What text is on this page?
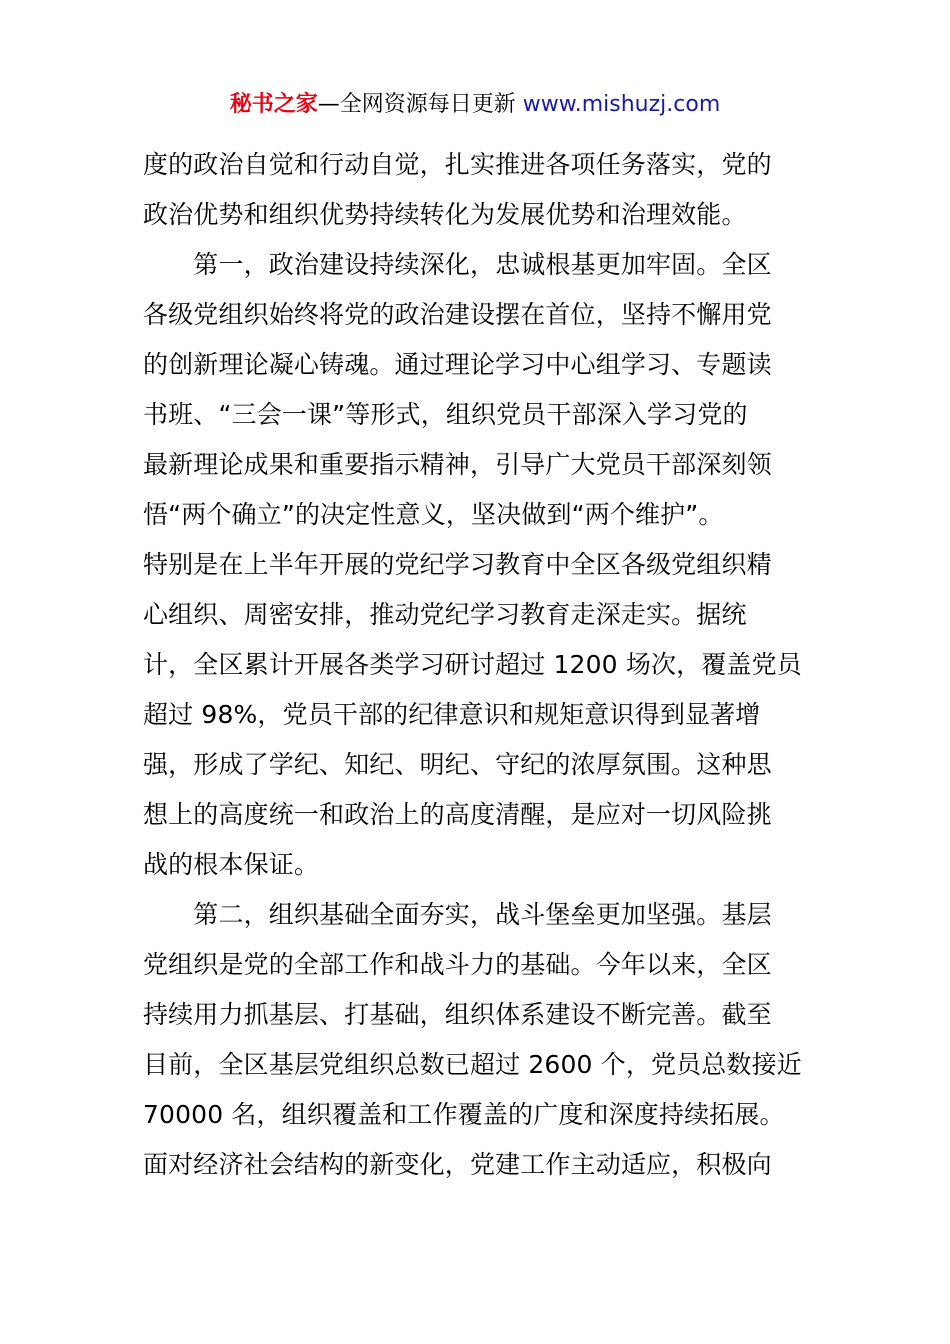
秘书之家—全网资源每日更新 www.mishuzj.com
度的政治自觉和行动自觉，扎实推进各项任务落实，党的
政治优势和组织优势持续转化为发展优势和治理效能。
　　第一，政治建设持续深化，忠诚根基更加牢固。全区
各级党组织始终将党的政治建设摆在首位，坚持不懈用党
的创新理论凝心铸魂。通过理论学习中心组学习、专题读
书班、“三会一课”等形式，组织党员干部深入学习党的
最新理论成果和重要指示精神，引导广大党员干部深刻领
悟“两个确立”的决定性意义，坚决做到“两个维护”。
特别是在上半年开展的党纪学习教育中全区各级党组织精
心组织、周密安排，推动党纪学习教育走深走实。据统
计，全区累计开展各类学习研讨超过 1200 场次，覆盖党员
超过 98%，党员干部的纪律意识和规矩意识得到显著增
强，形成了学纪、知纪、明纪、守纪的浓厚氛围。这种思
想上的高度统一和政治上的高度清醒，是应对一切风险挑
战的根本保证。
　　第二，组织基础全面夯实，战斗堡垒更加坚强。基层
党组织是党的全部工作和战斗力的基础。今年以来，全区
持续用力抓基层、打基础，组织体系建设不断完善。截至
目前，全区基层党组织总数已超过 2600 个，党员总数接近
70000 名，组织覆盖和工作覆盖的广度和深度持续拓展。
面对经济社会结构的新变化，党建工作主动适应，积极向
